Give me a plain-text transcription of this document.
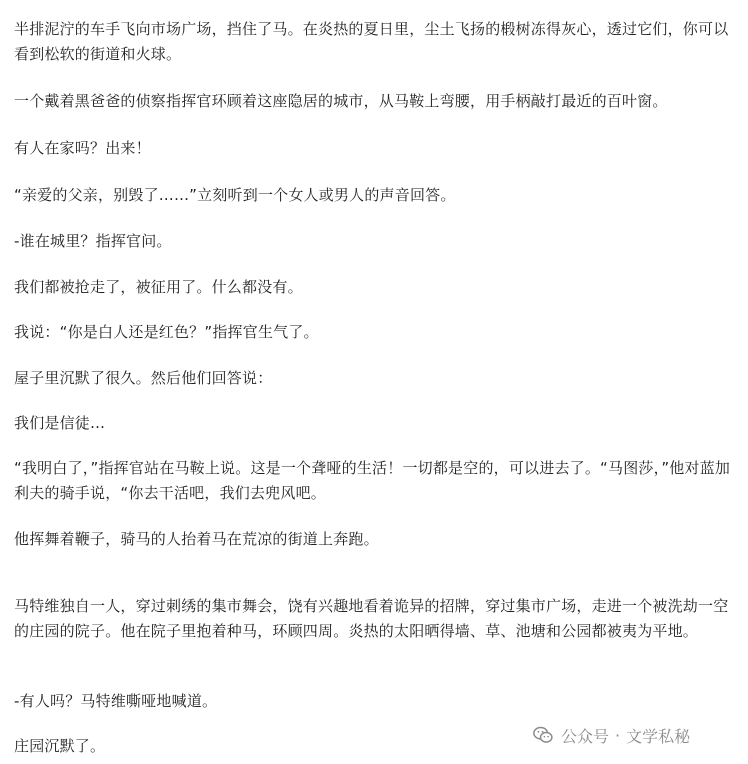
半排泥泞的车手飞向市场广场，挡住了马。在炎热的夏日里，尘土飞扬的椴树冻得灰心，透过它们，你可以看到松软的街道和火球。

一个戴着黑爸爸的侦察指挥官环顾着这座隐居的城市，从马鞍上弯腰，用手柄敲打最近的百叶窗。

有人在家吗？出来！

“亲爱的父亲，别毁了……”立刻听到一个女人或男人的声音回答。

-谁在城里？指挥官问。

我们都被抢走了，被征用了。什么都没有。

我说：“你是白人还是红色？”指挥官生气了。

屋子里沉默了很久。然后他们回答说：

我们是信徒…

“我明白了，”指挥官站在马鞍上说。这是一个聋哑的生活！一切都是空的，可以进去了。“马图莎，”他对蓝加利夫的骑手说，“你去干活吧，我们去兜风吧。

他挥舞着鞭子，骑马的人抬着马在荒凉的街道上奔跑。

马特维独自一人，穿过刺绣的集市舞会，饶有兴趣地看着诡异的招牌，穿过集市广场，走进一个被洗劫一空的庄园的院子。他在院子里抱着种马，环顾四周。炎热的太阳晒得墙、草、池塘和公园都被夷为平地。

-有人吗？马特维嘶哑地喊道。

庄园沉默了。

公众号 · 文学私秘
